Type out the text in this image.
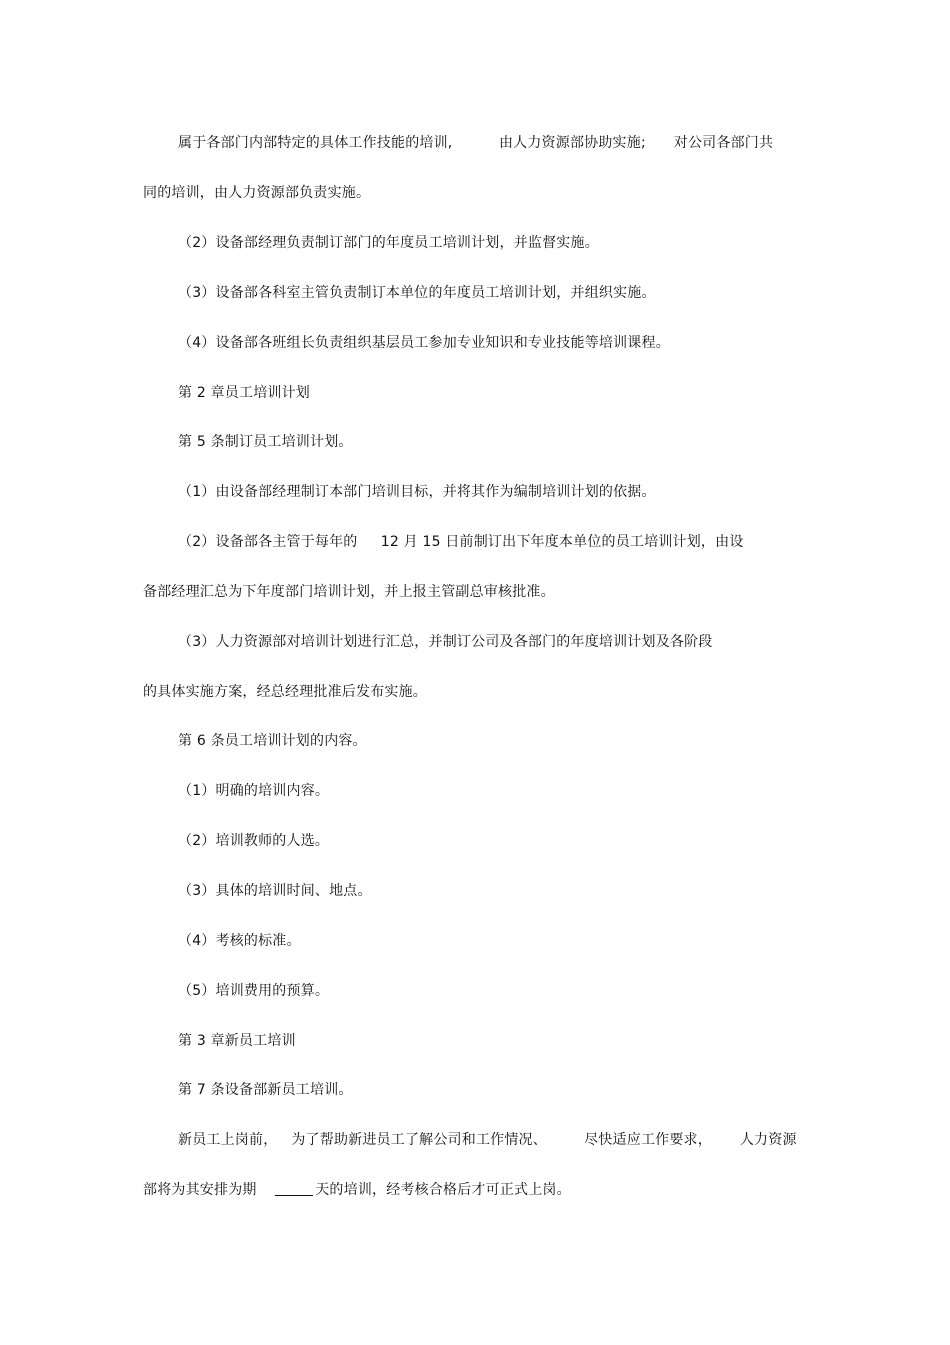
属于各部门内部特定的具体工作技能的培训,          由人力资源部协助实施;      对公司各部门共
同的培训，由人力资源部负责实施。
（2）设备部经理负责制订部门的年度员工培训计划，并监督实施。
（3）设备部各科室主管负责制订本单位的年度员工培训计划，并组织实施。
（4）设备部各班组长负责组织基层员工参加专业知识和专业技能等培训课程。
第 2 章员工培训计划
第 5 条制订员工培训计划。
（1）由设备部经理制订本部门培训目标，并将其作为编制培训计划的依据。
（2）设备部各主管于每年的     12 月 15 日前制订出下年度本单位的员工培训计划，由设
备部经理汇总为下年度部门培训计划，并上报主管副总审核批准。
（3）人力资源部对培训计划进行汇总，并制订公司及各部门的年度培训计划及各阶段
的具体实施方案，经总经理批准后发布实施。
第 6 条员工培训计划的内容。
（1）明确的培训内容。
（2）培训教师的人选。
（3）具体的培训时间、地点。
（4）考核的标准。
（5）培训费用的预算。
第 3 章新员工培训
第 7 条设备部新员工培训。
新员工上岗前，   为了帮助新进员工了解公司和工作情况、        尽快适应工作要求，      人力资源
部将为其安排为期	天的培训，经考核合格后才可正式上岗。
